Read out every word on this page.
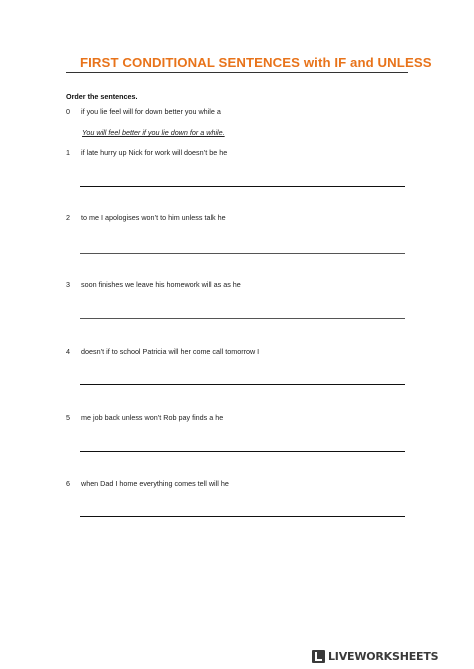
FIRST CONDITIONAL SENTENCES with IF and UNLESS
Order the sentences.
0 if you lie feel will for down better you while a
You will feel better if you lie down for a while.
1 if late hurry up Nick for work will doesn’t be he
2 to me I apologises won’t to him unless talk he
3 soon finishes we leave his homework will as as he
4 doesn’t if to school Patricia will her come call tomorrow I
5 me job back unless won’t Rob pay finds a he
6 when Dad I home everything comes tell will he
LIVEWORKSHEETS
